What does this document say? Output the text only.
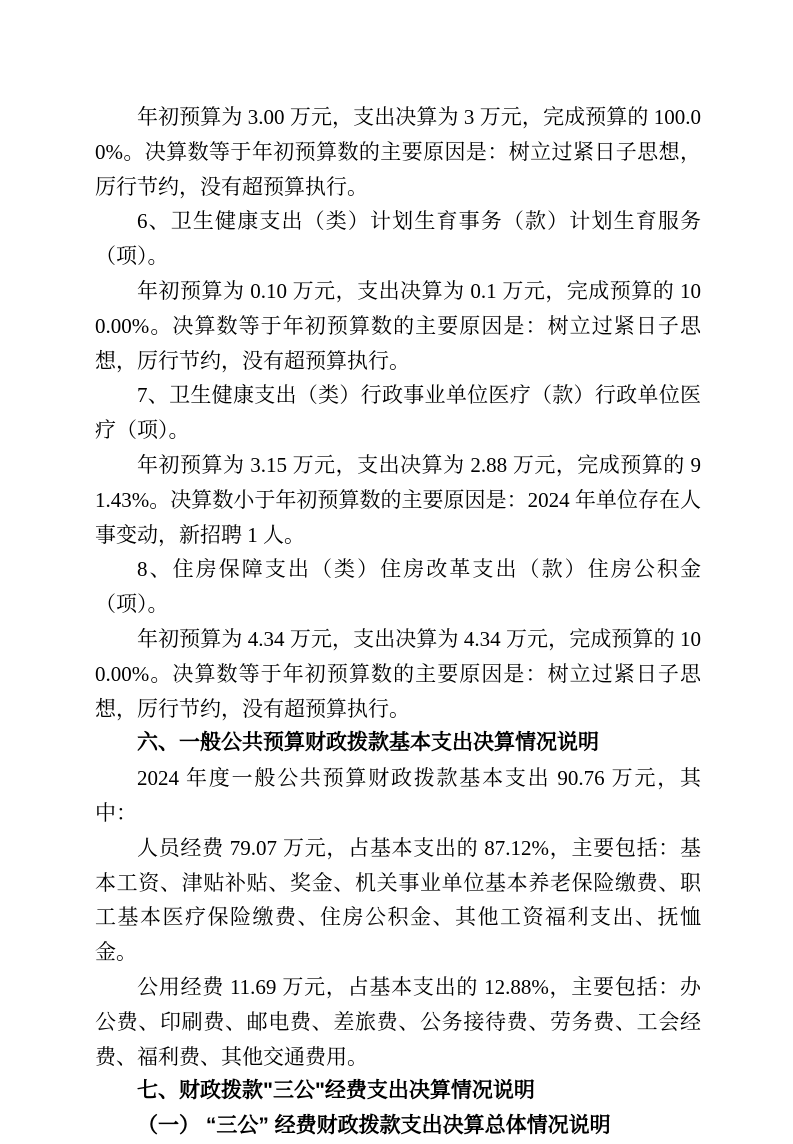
年初预算为 3.00 万元，支出决算为 3 万元，完成预算的 100.00%。决算数等于年初预算数的主要原因是：树立过紧日子思想，厉行节约，没有超预算执行。

6、卫生健康支出（类）计划生育事务（款）计划生育服务（项）。

年初预算为 0.10 万元，支出决算为 0.1 万元，完成预算的 100.00%。决算数等于年初预算数的主要原因是：树立过紧日子思想，厉行节约，没有超预算执行。

7、卫生健康支出（类）行政事业单位医疗（款）行政单位医疗（项）。

年初预算为 3.15 万元，支出决算为 2.88 万元，完成预算的 91.43%。决算数小于年初预算数的主要原因是：2024 年单位存在人事变动，新招聘 1 人。

8、住房保障支出（类）住房改革支出（款）住房公积金（项）。

年初预算为 4.34 万元，支出决算为 4.34 万元，完成预算的 100.00%。决算数等于年初预算数的主要原因是：树立过紧日子思想，厉行节约，没有超预算执行。

六、一般公共预算财政拨款基本支出决算情况说明

2024 年度一般公共预算财政拨款基本支出 90.76 万元，其中：

人员经费 79.07 万元，占基本支出的 87.12%，主要包括：基本工资、津贴补贴、奖金、机关事业单位基本养老保险缴费、职工基本医疗保险缴费、住房公积金、其他工资福利支出、抚恤金。

公用经费 11.69 万元，占基本支出的 12.88%，主要包括：办公费、印刷费、邮电费、差旅费、公务接待费、劳务费、工会经费、福利费、其他交通费用。

七、财政拨款"三公"经费支出决算情况说明

（一） “三公” 经费财政拨款支出决算总体情况说明
